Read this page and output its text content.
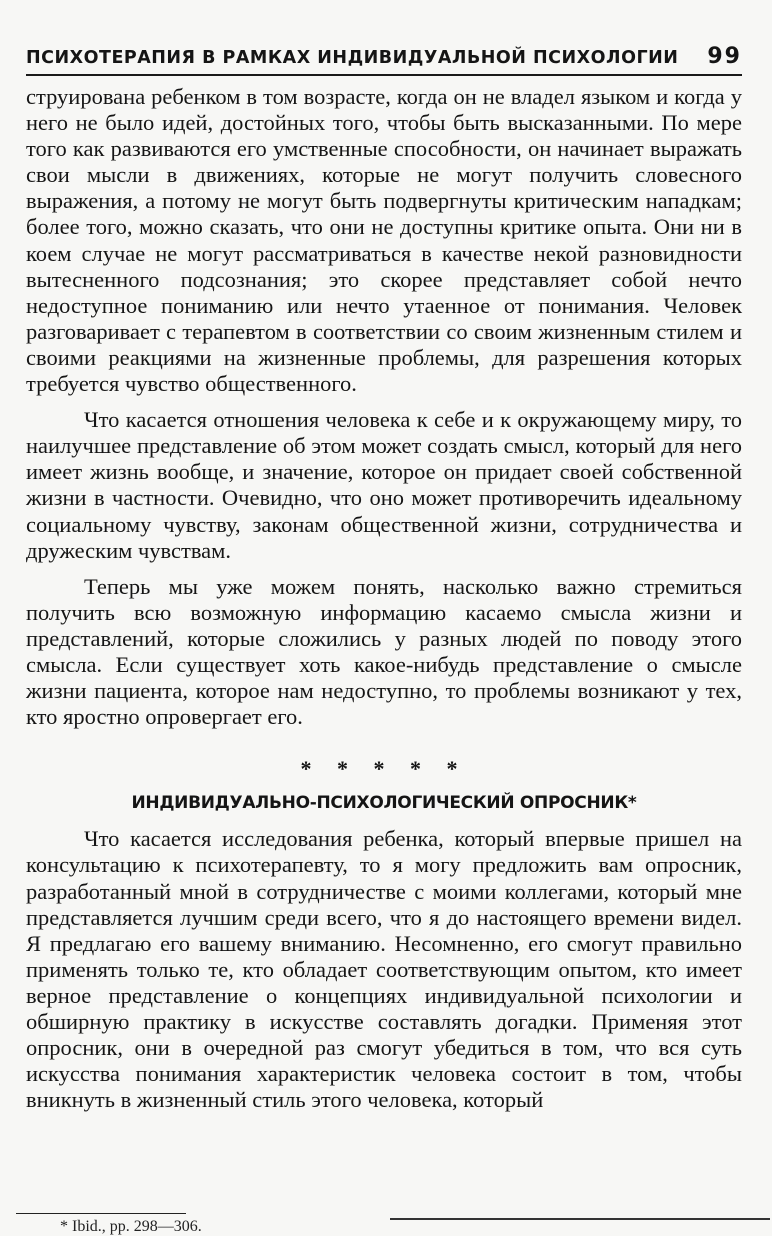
ПСИХОТЕРАПИЯ В РАМКАХ ИНДИВИДУАЛЬНОЙ ПСИХОЛОГИИ 99

струирована ребенком в том возрасте, когда он не владел языком и когда у него не было идей, достойных того, чтобы быть высказанными. По мере того как развиваются его умственные способности, он начинает выражать свои мысли в движениях, которые не могут получить словесного выражения, а потому не могут быть подвергнуты критическим нападкам; более того, можно сказать, что они не доступны критике опыта. Они ни в коем случае не могут рассматриваться в качестве некой разновидности вытесненного подсознания; это скорее представляет собой нечто недоступное пониманию или нечто утаенное от понимания. Человек разговаривает с терапевтом в соответствии со своим жизненным стилем и своими реакциями на жизненные проблемы, для разрешения которых требуется чувство общественного.

Что касается отношения человека к себе и к окружающему миру, то наилучшее представление об этом может создать смысл, который для него имеет жизнь вообще, и значение, которое он придает своей собственной жизни в частности. Очевидно, что оно может противоречить идеальному социальному чувству, законам общественной жизни, сотрудничества и дружеским чувствам.

Теперь мы уже можем понять, насколько важно стремиться получить всю возможную информацию касаемо смысла жизни и представлений, которые сложились у разных людей по поводу этого смысла. Если существует хоть какое-нибудь представление о смысле жизни пациента, которое нам недоступно, то проблемы возникают у тех, кто яростно опровергает его.

* * * * *
ИНДИВИДУАЛЬНО-ПСИХОЛОГИЧЕСКИЙ ОПРОСНИК*

Что касается исследования ребенка, который впервые пришел на консультацию к психотерапевту, то я могу предложить вам опросник, разработанный мной в сотрудничестве с моими коллегами, который мне представляется лучшим среди всего, что я до настоящего времени видел. Я предлагаю его вашему вниманию. Несомненно, его смогут правильно применять только те, кто обладает соответствующим опытом, кто имеет верное представление о концепциях индивидуальной психологии и обширную практику в искусстве составлять догадки. Применяя этот опросник, они в очередной раз смогут убедиться в том, что вся суть искусства понимания характеристик человека состоит в том, чтобы вникнуть в жизненный стиль этого человека, который

* Ibid., pp. 298—306.
